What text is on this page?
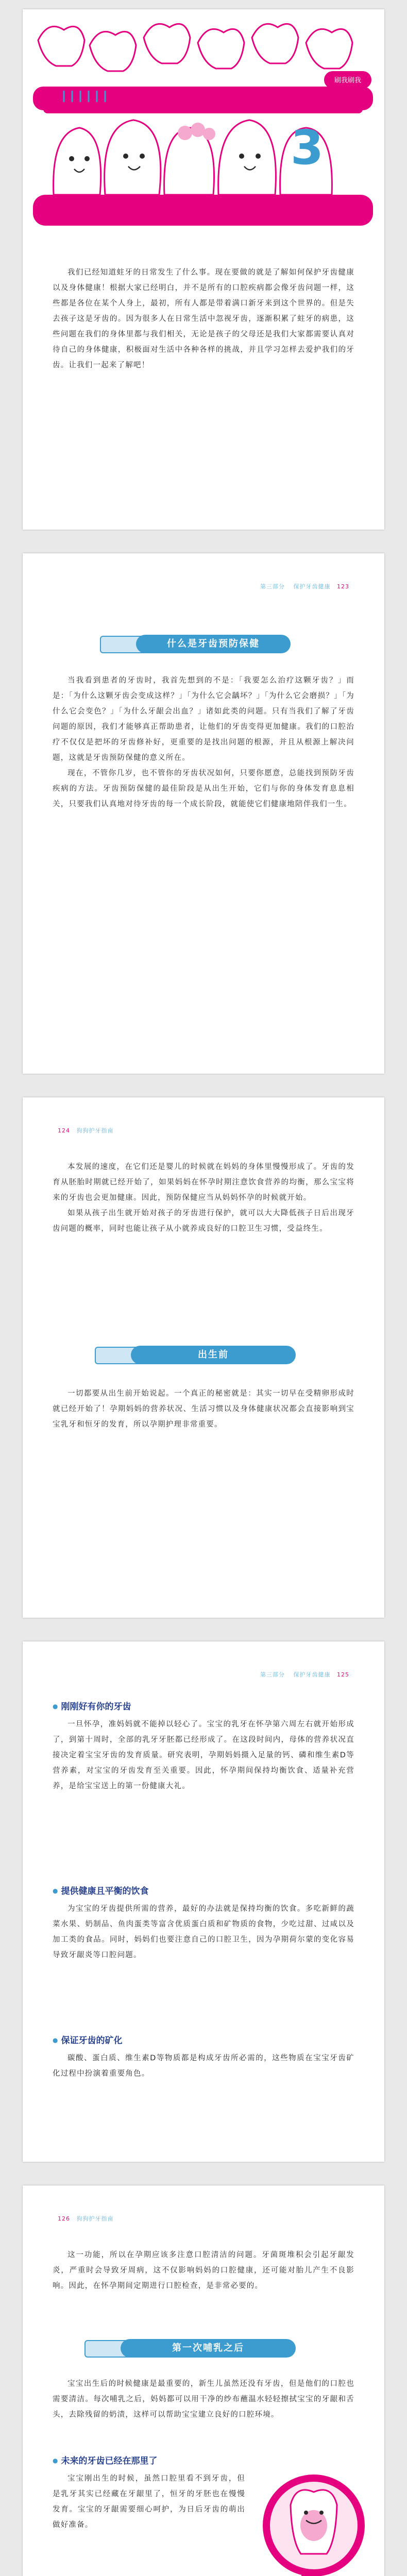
3
刷我刷我

我们已经知道蛀牙的日常发生了什么事。现在要做的就是了解如何保护牙齿健康以及身体健康！根据大家已经明白，并不是所有的口腔疾病都会像牙齿问题一样，这些都是各位在某个人身上，最初，所有人都是带着满口新牙来到这个世界的。但是失去孩子这是牙齿的。因为很多人在日常生活中忽视牙齿，逐渐积累了蛀牙的病患，这些问题在我们的身体里都与我们相关，无论是孩子的父母还是我们大家都需要认真对待自己的身体健康，积极面对生活中各种各样的挑战，并且学习怎样去爱护我们的牙齿。让我们一起来了解吧！

第三部分 保护牙齿健康 123
什么是牙齿预防保健

当我看到患者的牙齿时，我首先想到的不是：「我要怎么治疗这颗牙齿？」而是：「为什么这颗牙齿会变成这样？」「为什么它会龋坏？」「为什么它会磨损？」「为什么它会变色？」「为什么牙龈会出血？」诸如此类的问题。只有当我们了解了牙齿问题的原因，我们才能够真正帮助患者，让他们的牙齿变得更加健康。我们的口腔治疗不仅仅是把坏的牙齿修补好，更重要的是找出问题的根源，并且从根源上解决问题，这就是牙齿预防保健的意义所在。

现在，不管你几岁，也不管你的牙齿状况如何，只要你愿意，总能找到预防牙齿疾病的方法。牙齿预防保健的最佳阶段是从出生开始，它们与你的身体发育息息相关，只要我们认真地对待牙齿的每一个成长阶段，就能使它们健康地陪伴我们一生。

124 狗狗护牙指南

本发展的速度，在它们还是婴儿的时候就在妈妈的身体里慢慢形成了。牙齿的发育从胚胎时期就已经开始了，如果妈妈在怀孕时期注意饮食营养的均衡，那么宝宝将来的牙齿也会更加健康。因此，预防保健应当从妈妈怀孕的时候就开始。

如果从孩子出生就开始对孩子的牙齿进行保护，就可以大大降低孩子日后出现牙齿问题的概率，同时也能让孩子从小就养成良好的口腔卫生习惯，受益终生。

出生前

一切都要从出生前开始说起。一个真正的秘密就是：其实一切早在受精卵形成时就已经开始了！孕期妈妈的营养状况、生活习惯以及身体健康状况都会直接影响到宝宝乳牙和恒牙的发育，所以孕期护理非常重要。

第三部分 保护牙齿健康 125
● 刚刚好有你的牙齿

一旦怀孕，准妈妈就不能掉以轻心了。宝宝的乳牙在怀孕第六周左右就开始形成了，到第十周时，全部的乳牙牙胚都已经形成了。在这段时间内，母体的营养状况直接决定着宝宝牙齿的发育质量。研究表明，孕期妈妈摄入足量的钙、磷和维生素D等营养素，对宝宝的牙齿发育至关重要。因此，怀孕期间保持均衡饮食、适量补充营养，是给宝宝送上的第一份健康大礼。

● 提供健康且平衡的饮食

为宝宝的牙齿提供所需的营养，最好的办法就是保持均衡的饮食。多吃新鲜的蔬菜水果、奶制品、鱼肉蛋类等富含优质蛋白质和矿物质的食物，少吃过甜、过咸以及加工类的食品。同时，妈妈们也要注意自己的口腔卫生，因为孕期荷尔蒙的变化容易导致牙龈炎等口腔问题。

● 保证牙齿的矿化

碳酸、蛋白质、维生素D等物质都是构成牙齿所必需的，这些物质在宝宝牙齿矿化过程中扮演着重要角色。

126 狗狗护牙指南

这一功能，所以在孕期应该多注意口腔清洁的问题。牙菌斑堆积会引起牙龈发炎，严重时会导致牙周病，这不仅影响妈妈的口腔健康，还可能对胎儿产生不良影响。因此，在怀孕期间定期进行口腔检查，是非常必要的。

第一次哺乳之后

宝宝出生后的时候健康是最重要的，新生儿虽然还没有牙齿，但是他们的口腔也需要清洁。每次哺乳之后，妈妈都可以用干净的纱布蘸温水轻轻擦拭宝宝的牙龈和舌头，去除残留的奶渍，这样可以帮助宝宝建立良好的口腔环境。

● 未来的牙齿已经在那里了

宝宝刚出生的时候，虽然口腔里看不到牙齿，但是乳牙其实已经藏在牙龈里了，恒牙的牙胚也在慢慢发育。宝宝的牙龈需要细心呵护，为日后牙齿的萌出做好准备。
